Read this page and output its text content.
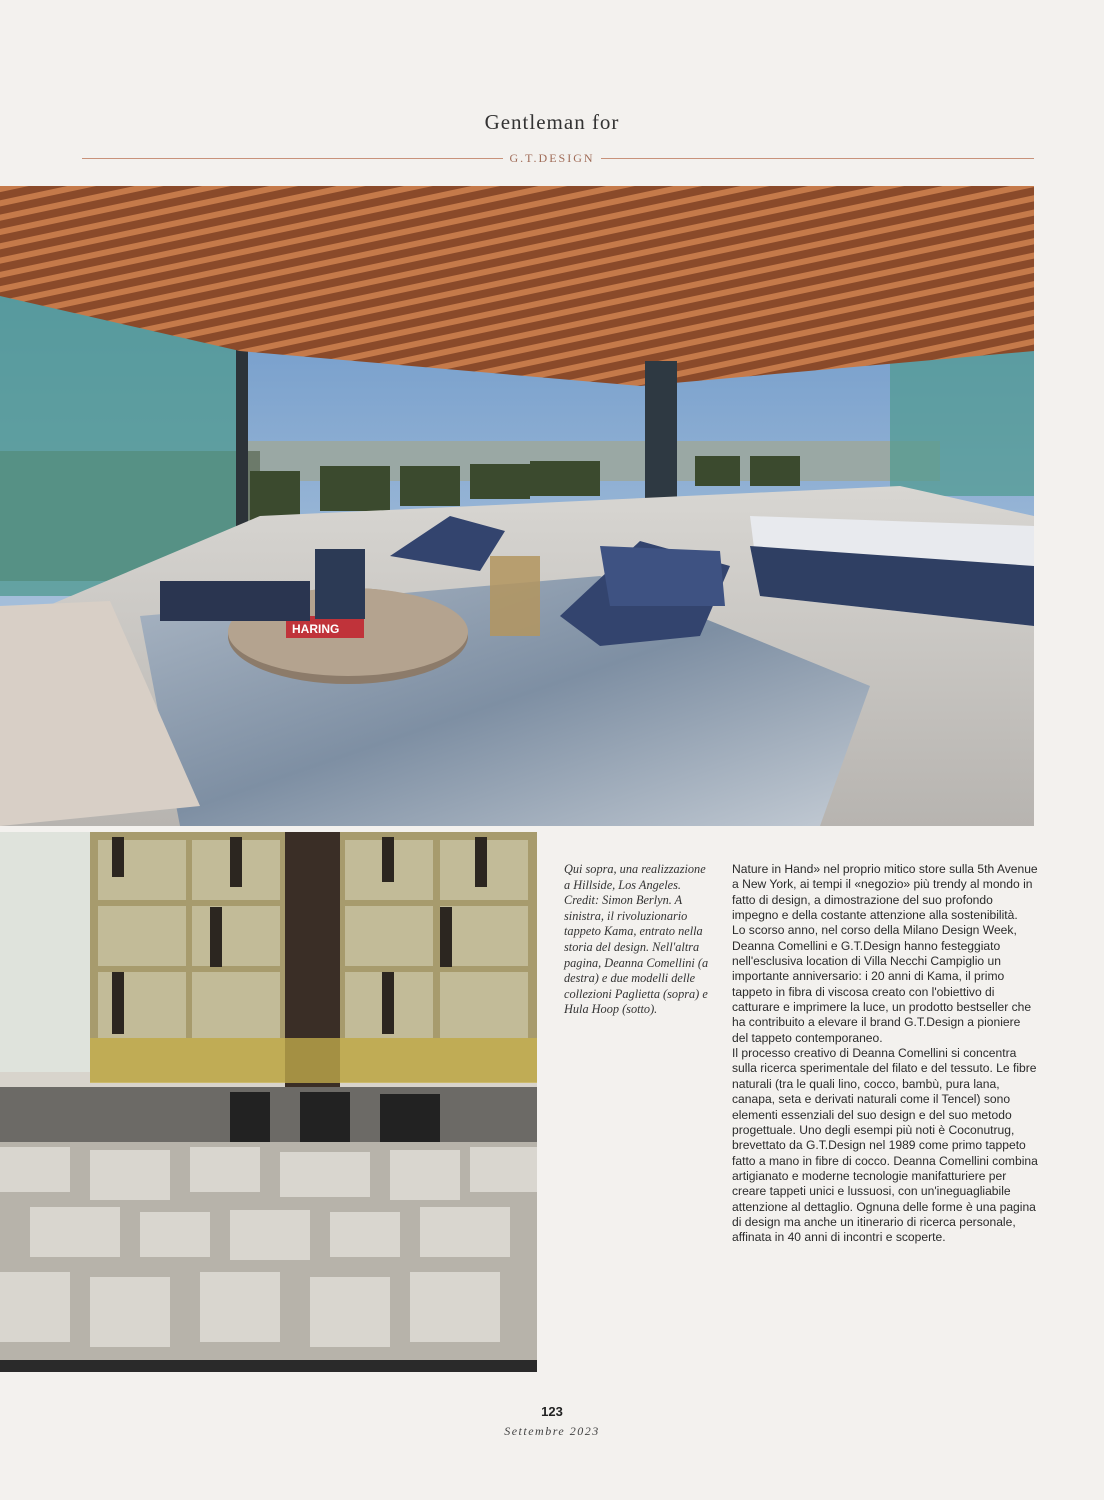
Gentleman for
G.T.DESIGN
HARING

Qui sopra, una realizzazione a Hillside, Los Angeles. Credit: Simon Berlyn. A sinistra, il rivoluzionario tappeto Kama, entrato nella storia del design. Nell'altra pagina, Deanna Comellini (a destra) e due modelli delle collezioni Paglietta (sopra) e Hula Hoop (sotto).

Nature in Hand» nel proprio mitico store sulla 5th Avenue a New York, ai tempi il «negozio» più trendy al mondo in fatto di design, a dimostrazione del suo profondo impegno e della costante attenzione alla sostenibilità.

Lo scorso anno, nel corso della Milano Design Week, Deanna Comellini e G.T.Design hanno festeggiato nell'esclusiva location di Villa Necchi Campiglio un importante anniversario: i 20 anni di Kama, il primo tappeto in fibra di viscosa creato con l'obiettivo di catturare e imprimere la luce, un prodotto bestseller che ha contribuito a elevare il brand G.T.Design a pioniere del tappeto contemporaneo.

Il processo creativo di Deanna Comellini si concentra sulla ricerca sperimentale del filato e del tessuto. Le fibre naturali (tra le quali lino, cocco, bambù, pura lana, canapa, seta e derivati naturali come il Tencel) sono elementi essenziali del suo design e del suo metodo progettuale. Uno degli esempi più noti è Coconutrug, brevettato da G.T.Design nel 1989 come primo tappeto fatto a mano in fibre di cocco. Deanna Comellini combina artigianato e moderne tecnologie manifatturiere per creare tappeti unici e lussuosi, con un'ineguagliabile attenzione al dettaglio. Ognuna delle forme è una pagina di design ma anche un itinerario di ricerca personale, affinata in 40 anni di incontri e scoperte.

123
Settembre 2023
